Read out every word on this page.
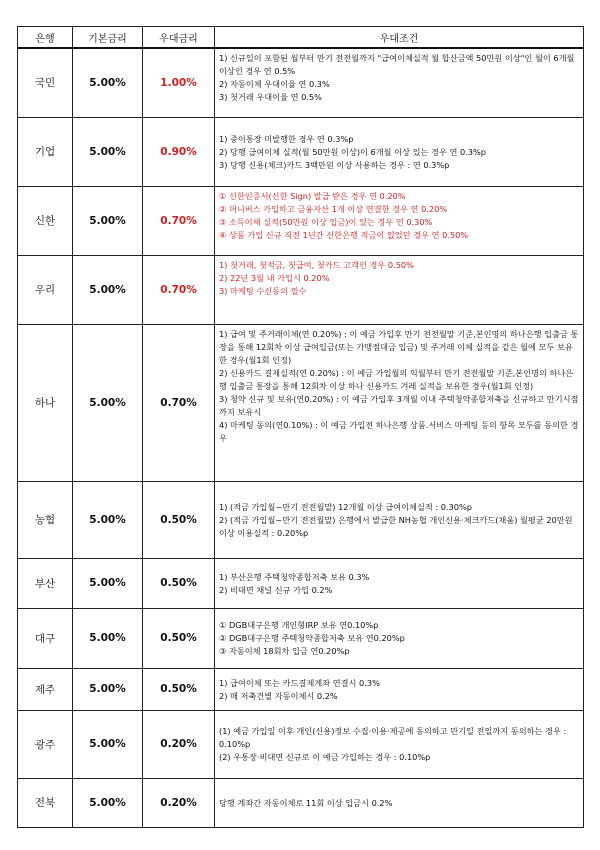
은행	기본금리	우대금리	우대조건
국민	5.00%	1.00%	1) 신규일이 포함된 월부터 만기 전전월까지 "급여이체실적 월 합산금액 50만원 이상"인 월이 6개월 이상인 경우 연 0.5%
2) 자동이체 우대이율 연 0.3%
3) 첫거래 우대이율 연 0.5%

기업	5.00%	0.90%	1) 중이통장 미발행한 경우 연 0.3%p
2) 당행 급여이체 실적(월 50만원 이상)이 6개월 이상 있는 경우 연 0.3%p
3) 당행 신용(체크)카드 3백만원 이상 사용하는 경우 : 연 0.3%p

신한	5.00%	0.70%	① 신한인증서(신한 Sign) 발급 받은 경우 연 0.20%
② 머니버스 가입하고 금융자산 1개 이상 연결한 경우 연 0.20%
③ 소득이체 실적(50만원 이상 입금)이 있는 경우 연 0.30%
④ 상품 가입 신규 직전 1년간 신한은행 적금이 없었던 경우 연 0.50%

우리	5.00%	0.70%	1) 첫거래, 첫적금, 첫급여, 첫카드 고객인 경우 0.50%
2) 22년 3월 내 가입시 0.20%
3) 마케팅 수신동의 필수

하나	5.00%	0.70%	1) 급여 및 주거래이체(연 0.20%) : 이 예금 가입후 만기 전전월말 기준,본인명의 하나은행 입출금 통장을 통해 12회차 이상 급여입금(또는 가맹점대금 입금) 및 주거래 이체 실적을 같은 월에 모두 보유한 경우(월1회 인정)
2) 신용카드 결제실적(연 0.20%) : 이 예금 가입월의 익월부터 만기 전전월말 기준,본인명의 하나은행 입출금 통장을 통해 12회차 이상 하나 신용카드 겨레 실적을 보유한 경우(월1회 인정)
3) 청약 신규 및 보유(연0.20%) : 이 예금 가입후 3개월 이내 주택청약종합저축을 신규하고 만기시점까지 보유시
4) 마케팅 동의(연0.10%) : 이 예금 가입전 하나은행 상품.서비스 마케팅 등의 항목 모두를 동의한 경우

농협	5.00%	0.50%	1) (적금 가입월~만기 전전월말) 12개월 이상 급여이체실적 : 0.30%p
2) (적금 가입월~만기 전전월말) 은행에서 발급한 NH농협 개인신용·체크카드(채움) 월평균 20만원이상 이용실적 : 0.20%p

부산	5.00%	0.50%	1) 부산은행 주택청약종합저축 보유 0.3%
2) 비대면 채널 신규 가입 0.2%

대구	5.00%	0.50%	① DGB대구은행 개인형IRP 보유 연0.10%p
② DGB대구은행 주택청약종합저축 보유 연0.20%p
③ 자동이체 18회차 입금 연0.20%p

제주	5.00%	0.50%	1) 급여이체 또는 카드결제계좌 연결시 0.3%
2) 매 저축건별 자동이체시 0.2%

광주	5.00%	0.20%	(1) 예금 가입일 이후 개인(신용)정보 수집·이용·제공에 동의하고 만기일 전일까지 동의하는 경우 : 0.10%p
(2) 우통장·비대면 신규로 이 예금 가입하는 경우 : 0.10%p

전북	5.00%	0.20%	당행 계좌간 자동이체로 11회 이상 입금시 0.2%
